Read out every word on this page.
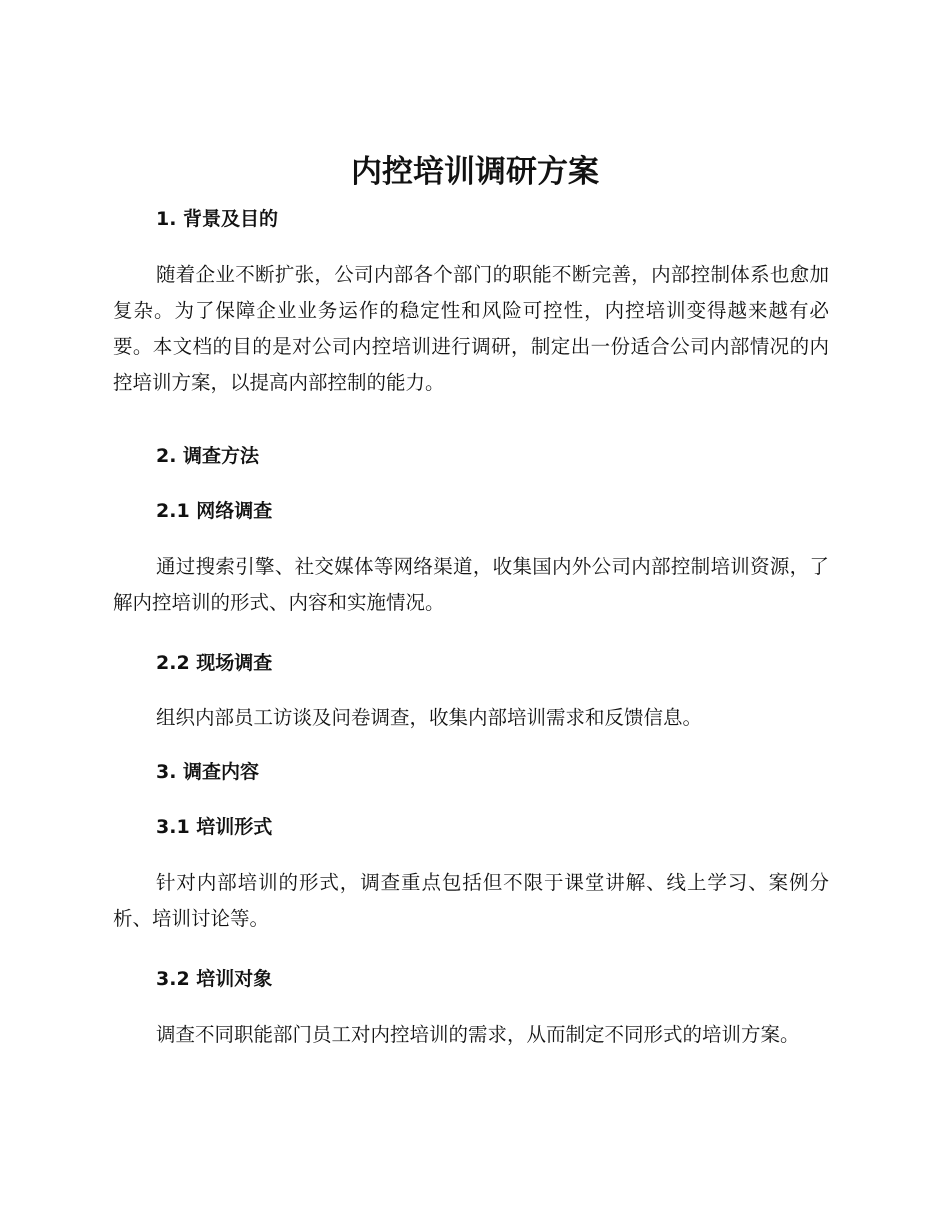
内控培训调研方案
1. 背景及目的

随着企业不断扩张，公司内部各个部门的职能不断完善，内部控制体系也愈加复杂。为了保障企业业务运作的稳定性和风险可控性，内控培训变得越来越有必要。本文档的目的是对公司内控培训进行调研，制定出一份适合公司内部情况的内控培训方案，以提高内部控制的能力。

2. 调查方法
2.1 网络调查

通过搜索引擎、社交媒体等网络渠道，收集国内外公司内部控制培训资源，了解内控培训的形式、内容和实施情况。

2.2 现场调查

组织内部员工访谈及问卷调查，收集内部培训需求和反馈信息。

3. 调查内容
3.1 培训形式

针对内部培训的形式，调查重点包括但不限于课堂讲解、线上学习、案例分析、培训讨论等。

3.2 培训对象

调查不同职能部门员工对内控培训的需求，从而制定不同形式的培训方案。
